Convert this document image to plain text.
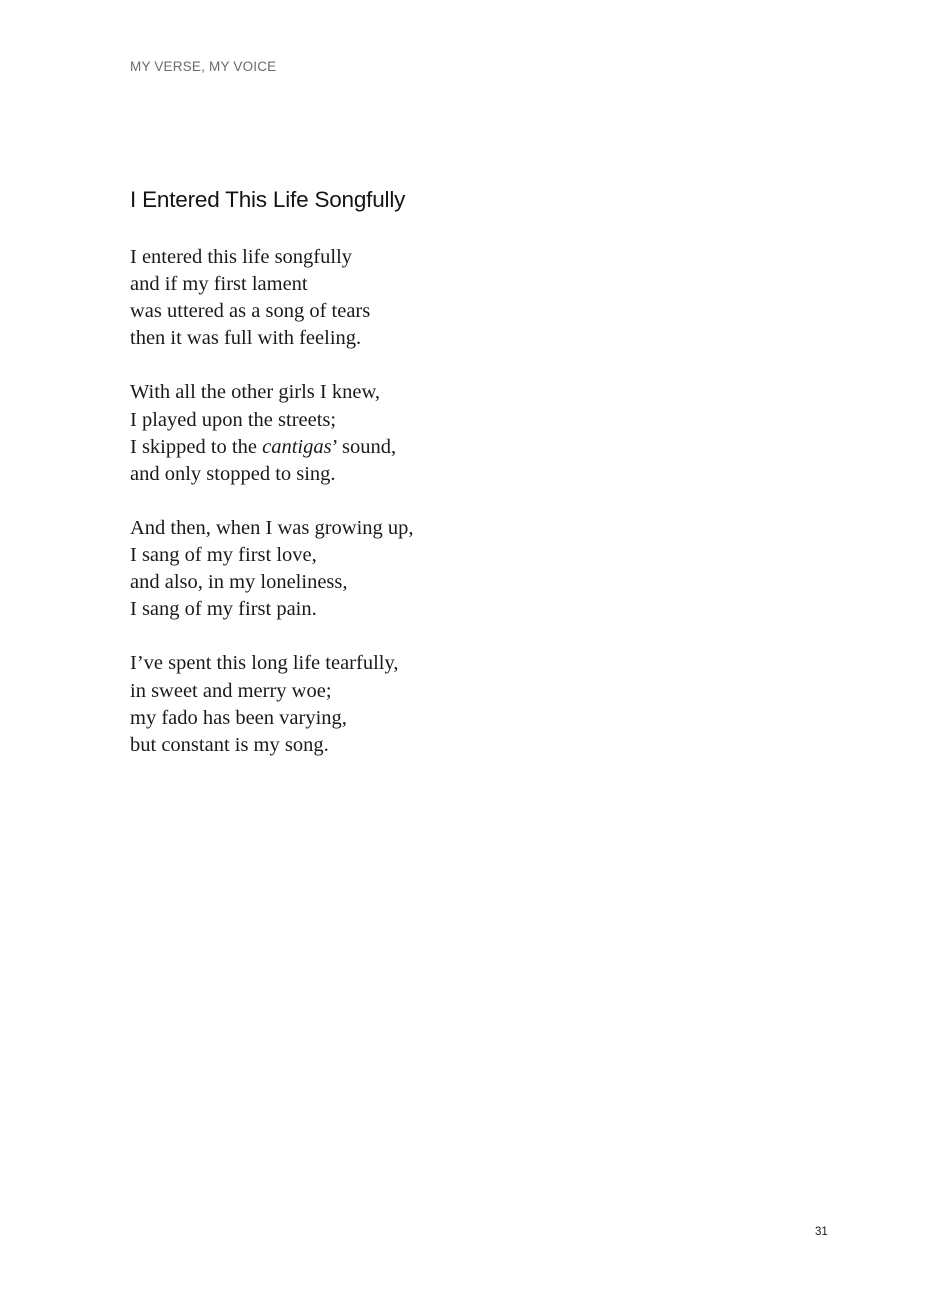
MY VERSE, MY VOICE
I Entered This Life Songfully

I entered this life songfully
and if my first lament
was uttered as a song of tears
then it was full with feeling.

With all the other girls I knew,
I played upon the streets;
I skipped to the cantigas’ sound,
and only stopped to sing.

And then, when I was growing up,
I sang of my first love,
and also, in my loneliness,
I sang of my first pain.

I’ve spent this long life tearfully,
in sweet and merry woe;
my fado has been varying,
but constant is my song.

31
